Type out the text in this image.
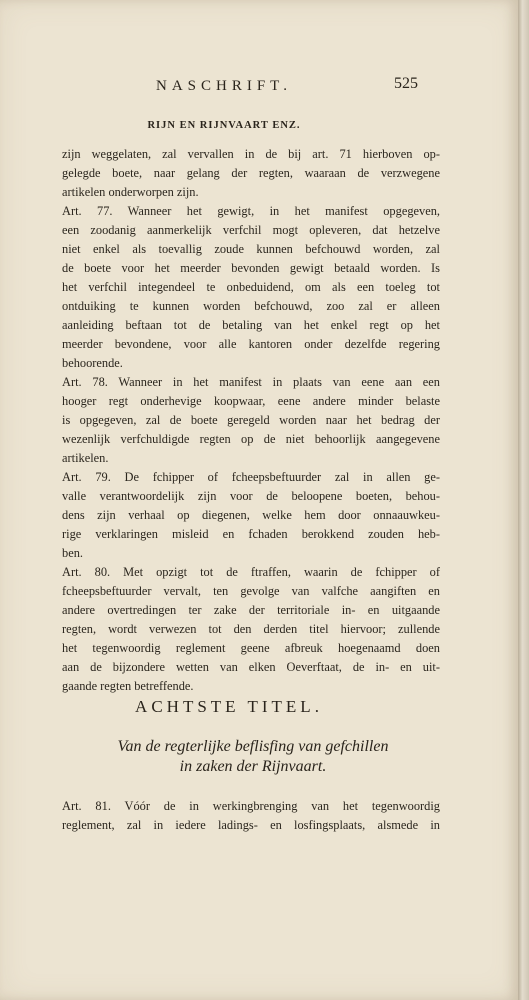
NASCHRIFT.	525
RIJN EN RIJNVAART ENZ.
zijn weggelaten, zal vervallen in de bij art. 71 hierboven op-
gelegde boete, naar gelang der regten, waaraan de verzwegene
artikelen onderworpen zijn.
Art. 77. Wanneer het gewigt, in het manifest opgegeven,
een zoodanig aanmerkelijk verfchil mogt opleveren, dat hetzelve
niet enkel als toevallig zoude kunnen befchouwd worden, zal
de boete voor het meerder bevonden gewigt betaald worden. Is
het verfchil integendeel te onbeduidend, om als een toeleg tot
ontduiking te kunnen worden befchouwd, zoo zal er alleen
aanleiding beftaan tot de betaling van het enkel regt op het
meerder bevondene, voor alle kantoren onder dezelfde regering
behoorende.
Art. 78. Wanneer in het manifest in plaats van eene aan een
hooger regt onderhevige koopwaar, eene andere minder belaste
is opgegeven, zal de boete geregeld worden naar het bedrag der
wezenlijk verfchuldigde regten op de niet behoorlijk aangegevene
artikelen.
Art. 79. De fchipper of fcheepsbeftuurder zal in allen ge-
valle verantwoordelijk zijn voor de beloopene boeten, behou-
dens zijn verhaal op diegenen, welke hem door onnaauwkeu-
rige verklaringen misleid en fchaden berokkend zouden heb-
ben.
Art. 80. Met opzigt tot de ftraffen, waarin de fchipper of
fcheepsbeftuurder vervalt, ten gevolge van valfche aangiften en
andere overtredingen ter zake der territoriale in- en uitgaande
regten, wordt verwezen tot den derden titel hiervoor; zullende
het tegenwoordig reglement geene afbreuk hoegenaamd doen
aan de bijzondere wetten van elken Oeverftaat, de in- en uit-
gaande regten betreffende.
ACHTSTE TITEL.
Van de regterlijke beflisfing van gefchillen
in zaken der Rijnvaart.
Art. 81. Vóór de in werkingbrenging van het tegenwoordig
reglement, zal in iedere ladings- en losfingsplaats, alsmede in
